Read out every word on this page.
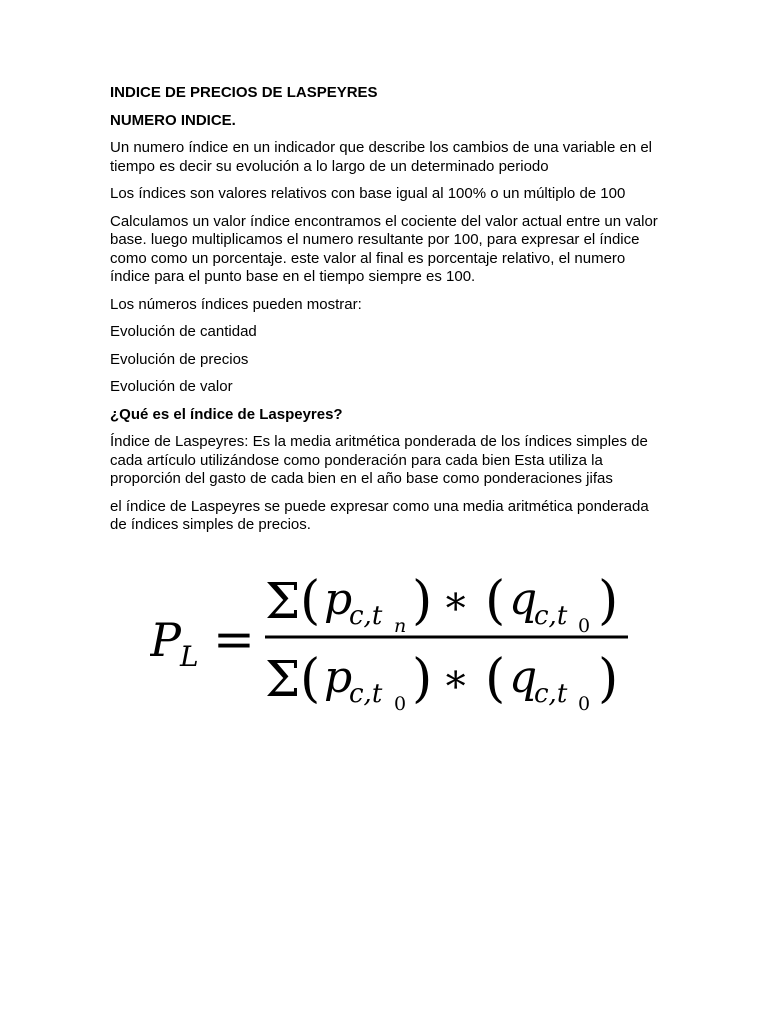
INDICE DE PRECIOS DE LASPEYRES

NUMERO INDICE.

Un numero índice en un indicador que describe los cambios de una variable en el tiempo es decir su evolución a lo largo de un determinado periodo

Los índices son valores relativos con base igual al 100% o un múltiplo de 100

Calculamos un valor índice encontramos el cociente del valor actual entre un valor base. luego multiplicamos el numero resultante por 100, para expresar el índice como como un porcentaje. este valor al final es porcentaje relativo, el numero índice para el punto base en el tiempo siempre es 100.

Los números índices pueden mostrar:

Evolución de cantidad

Evolución de precios

Evolución de valor

¿Qué es el índice de Laspeyres?

Índice de Laspeyres: Es la media aritmética ponderada de los índices simples de cada artículo utilizándose como ponderación para cada bien Esta utiliza la proporción del gasto de cada bien en el año base como ponderaciones jifas

el índice de Laspeyres se puede expresar como una media aritmética ponderada de índices simples de precios.

P L =
Σ ( p
c,t n ) ∗ ( q
c,t 0 )
Σ ( p
c,t 0 ) ∗ ( q
c,t 0 )
